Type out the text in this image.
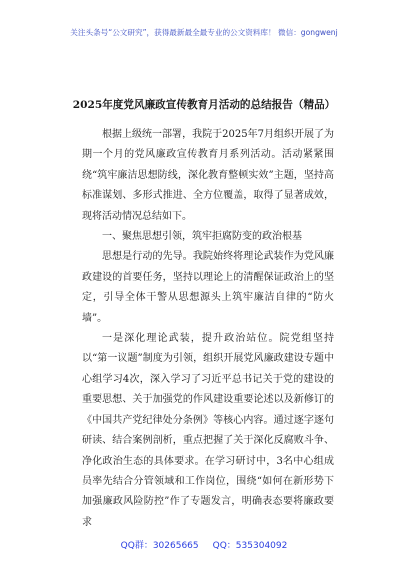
关注头条号“公文研究”，获得最新最全最专业的公文资料库！ 微信：gongwenj
2025年度党风廉政宣传教育月活动的总结报告（精品）

根据上级统一部署，我院于2025年7月组织开展了为期一个月的党风廉政宣传教育月系列活动。活动紧紧围绕“筑牢廉洁思想防线，深化教育整顿实效”主题，坚持高标准谋划、多形式推进、全方位覆盖，取得了显著成效，现将活动情况总结如下。

一、聚焦思想引领，筑牢拒腐防变的政治根基

思想是行动的先导。我院始终将理论武装作为党风廉政建设的首要任务，坚持以理论上的清醒保证政治上的坚定，引导全体干警从思想源头上筑牢廉洁自律的“防火墙”。

一是深化理论武装，提升政治站位。院党组坚持以“第一议题”制度为引领，组织开展党风廉政建设专题中心组学习4次，深入学习了习近平总书记关于党的建设的重要思想、关于加强党的作风建设重要论述以及新修订的《中国共产党纪律处分条例》等核心内容。通过逐字逐句研读、结合案例剖析，重点把握了关于深化反腐败斗争、净化政治生态的具体要求。在学习研讨中，3名中心组成员率先结合分管领域和工作岗位，围绕“如何在新形势下加强廉政风险防控”作了专题发言，明确表态要将廉政要求

QQ群：30265665 QQ：535304092
